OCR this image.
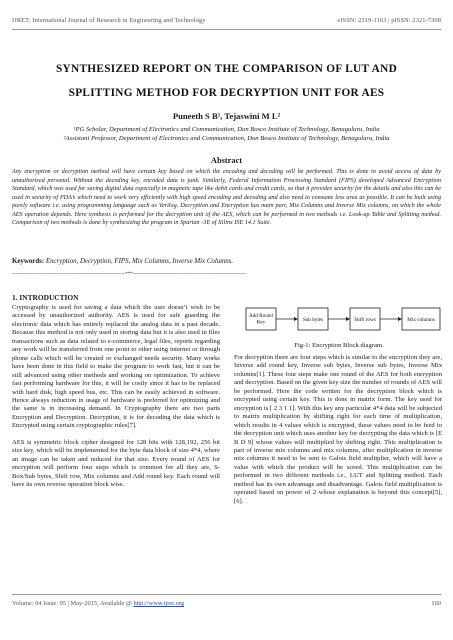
IJRET: International Journal of Research in Engineering and Technology	eISSN: 2319-1163 | pISSN: 2321-7308
SYNTHESIZED REPORT ON THE COMPARISON OF LUT AND
SPLITTING METHOD FOR DECRYPTION UNIT FOR AES
Puneeth S B¹, Tejaswini M L²
¹PG Scholar, Department of Electronics and Communication, Don Bosco Institute of Technology, Benagaluru, India
²Assistant Professor, Department of Electronics and Communication, Don Bosco Institute of Technology, Benagaluru, India
Abstract
Any encryption or decryption method will have certain key based on which the encoding and decoding will be performed. This is done to avoid access of data by unauthorized personal. Without the decoding key, encoded data is junk. Similarly, Federal Information Processing Standard (FIPS) developed Advanced Encryption Standard, which was used for saving digital data especially in magnetic tape like debit cards and credit cards, so that it provides security for the details and also this can be used in security of PDA’s which need to work very efficiently with high speed encoding and decoding and also need to consume less area as possible. It can be built using purely software i.e. using programming language such as Verilog. Decryption and Encryption has main part, Mix Columns and Inverse Mix columns, on which the whole AES operation depends. Here synthesis is performed for the decryption unit of the AES, which can be performed in two methods i.e. Look-up Table and Splitting method. Comparison of two methods is done by synthesizing the program in Spartan -3E of Xilinx ISE 14.1 Suite.
Keywords: Encryption, Decryption, FIPS, Mix Columns, Inverse Mix Columns.
--------------------------------------------------------------------***--------------------------------------------------------------------
1. INTRODUCTION

Cryptography is used for saving a data which the user doesn’t wish to be accessed by unauthorized authority. AES is used for safe guarding the electronic data which has entirely replaced the analog data in a past decade. Because this method is not only used in storing data but it is also used in files transactions such as data related to e-commerce, legal files, reports regarding any work will be transferred from one point to other using internet or through phone calls which will be created or exchanged needs security. Many works have been done in this field to make the program to work fast, but it can be still advanced using other methods and working on optimization. To achieve fast performing hardware for this, it will be costly since it has to be replaced with hard disk, high speed bus, etc. This can be easily achieved in software. Hence always reduction in usage of hardware is preferred for optimizing and the same is in increasing demand. In Cryptography there are two parts Encryption and Decryption. Decryption, it is for decoding the data which is Encrypted using certain cryptographic rules[7].

AES is symmetric block cipher designed for 128 bits with 128,192, 256 bit size key, which will be implemented for the byte data block of size 4*4, where an image can be taken and reduced for that size. Every round of AES for encryption will perform four steps which is common for all they are, S-Box/Sub bytes, Shift row, Mix columns and Add round key. Each round will have its own reverse operation block wise.

Add Round Key	Sub bytes	Shift rows	Mix columns
Fig-1: Encryption Block diagram.

For decryption there are four steps which is similar to the encryption they are, Inverse add round key, Inverse sub bytes, Inverse sub bytes, Inverse Mix columns[1]. These four steps make one round of the AES for both encryption and decryption. Based on the given key size the number of rounds of AES will be performed. Here the code written for the decryption block which is encrypted using certain key. This is done in matrix form. The key used for encryption is [ 2 3 1 1]. With this key any particular 4*4 data will be subjected to matrix multiplication by shifting right for each time of multiplication, which results in 4 values which is encrypted, these values need to be feed to the decryption unit which uses another key for decrypting the data which is [E B D 9] whose values will multiplied by shifting right. This multiplication is part of inverse mix columns and mix columns, after multiplication in inverse mix columns it need to be sent to Galois field multiplier, which will have a value with which the product will be xored. This multiplication can be performed in two different methods i.e., LUT and Splitting method. Each method has its own advantage and disadvantage. Galois field multiplication is operated based on power of 2 whose explanation is beyond this concept[5], [6].

Volume: 04 Issue: 05 | May-2015, Available @ http://www.ijret.org	160
